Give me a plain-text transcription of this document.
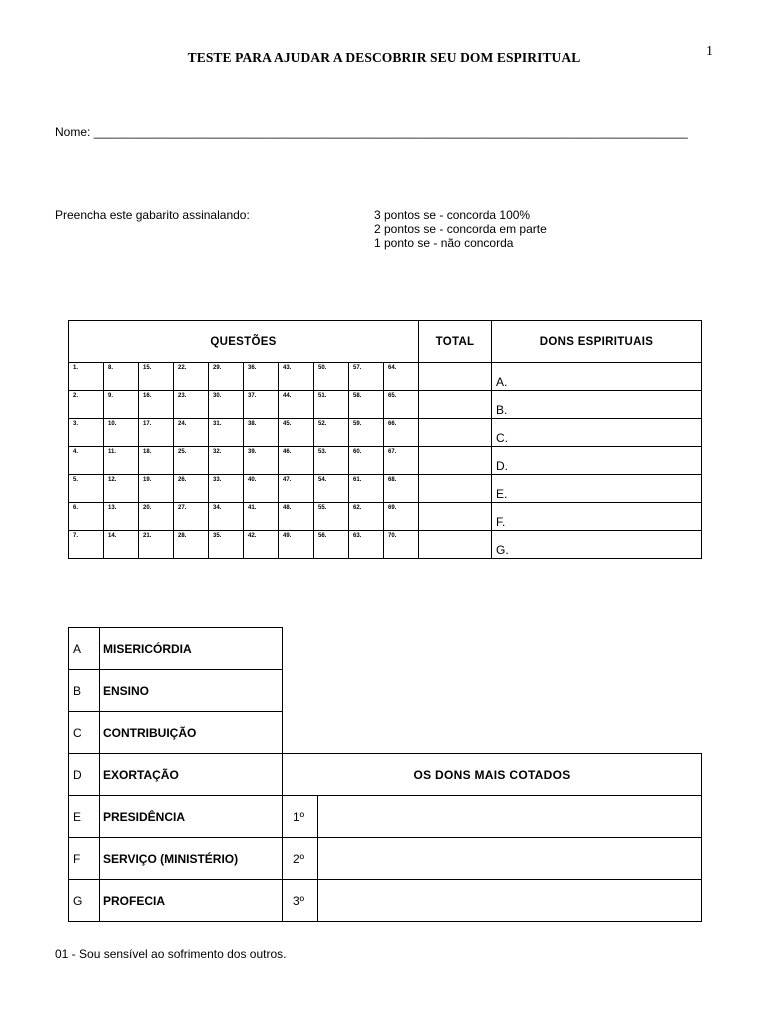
1
TESTE PARA AJUDAR A DESCOBRIR SEU DOM ESPIRITUAL
Nome: _________________________________________________________________________________________
Preencha este gabarito assinalando:	3 pontos se - concorda 100%
2 pontos se - concorda em parte
1 ponto se - não concorda
QUESTÕES										TOTAL	DONS ESPIRITUAIS
1.	8.	15.	22.	29.	36.	43.	50.	57.	64.		A.
2.	9.	16.	23.	30.	37.	44.	51.	58.	65.		B.
3.	10.	17.	24.	31.	38.	45.	52.	59.	66.		C.
4.	11.	18.	25.	32.	39.	46.	53.	60.	67.		D.
5.	12.	19.	26.	33.	40.	47.	54.	61.	68.		E.
6.	13.	20.	27.	34.	41.	48.	55.	62.	69.		F.
7.	14.	21.	28.	35.	42.	49.	56.	63.	70.		G.
A	MISERICÓRDIA		
B	ENSINO		
C	CONTRIBUIÇÃO		
D	EXORTAÇÃO	OS DONS MAIS COTADOS	
E	PRESIDÊNCIA	1º	
F	SERVIÇO (MINISTÉRIO)	2º	
G	PROFECIA	3º	
01 - Sou sensível ao sofrimento dos outros.
